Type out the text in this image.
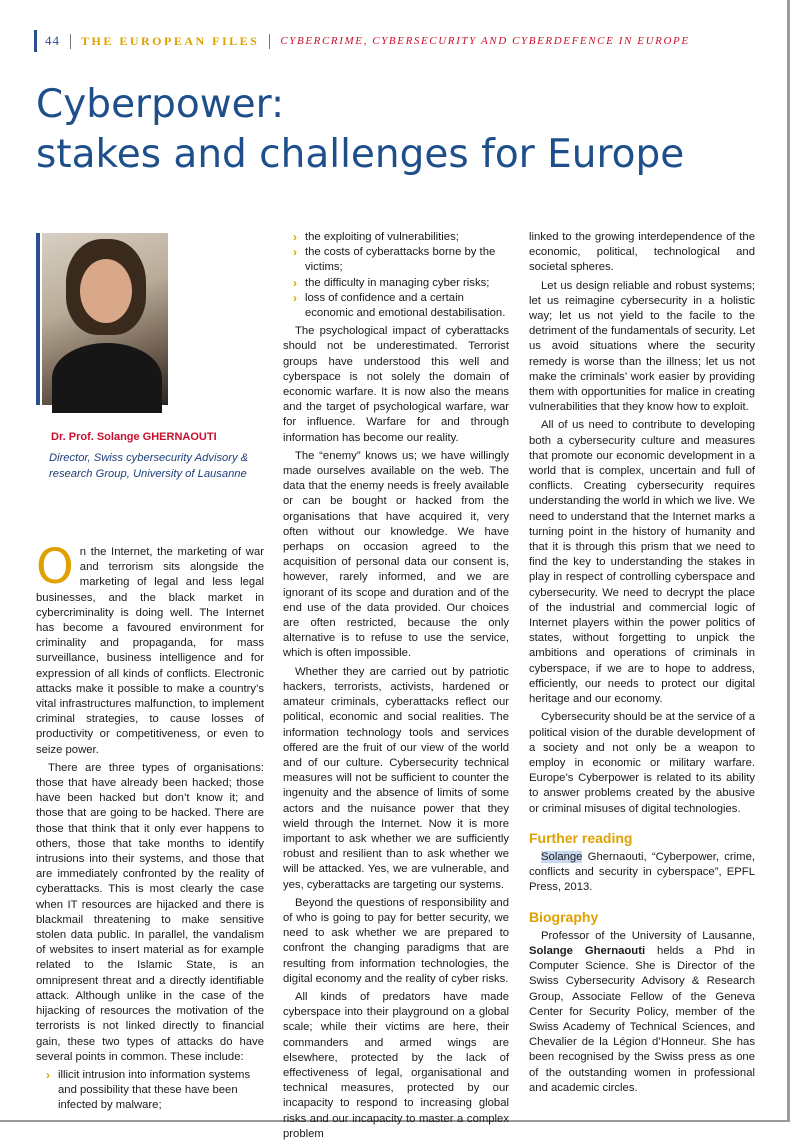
44 THE EUROPEAN FILES CYBERCRIME, CYBERSECURITY AND CYBERDEFENCE IN EUROPE
Cyberpower:
stakes and challenges for Europe
Dr. Prof. Solange GHERNAOUTI
Director, Swiss cybersecurity Advisory & research Group, University of Lausanne

On the Internet, the marketing of war and terrorism sits alongside the marketing of legal and less legal businesses, and the black market in cybercriminality is doing well. The Internet has become a favoured environment for criminality and propaganda, for mass surveillance, business intelligence and for expression of all kinds of conflicts. Electronic attacks make it possible to make a country’s vital infrastructures malfunction, to implement criminal strategies, to cause losses of productivity or competitiveness, or even to seize power.

There are three types of organisations: those that have already been hacked; those have been hacked but don’t know it; and those that are going to be hacked. There are those that think that it only ever happens to others, those that take months to identify intrusions into their systems, and those that are immediately confronted by the reality of cyberattacks. This is most clearly the case when IT resources are hijacked and there is blackmail threatening to make sensitive stolen data public. In parallel, the vandalism of websites to insert material as for example related to the Islamic State, is an omnipresent threat and a directly identifiable attack. Although unlike in the case of the hijacking of resources the motivation of the terrorists is not linked directly to financial gain, these two types of attacks do have several points in common. These include:

› illicit intrusion into information systems and possibility that these have been infected by malware;
› the exploiting of vulnerabilities;
› the costs of cyberattacks borne by the victims;
› the difficulty in managing cyber risks;
› loss of confidence and a certain economic and emotional destabilisation.

The psychological impact of cyberattacks should not be underestimated. Terrorist groups have understood this well and cyberspace is not solely the domain of economic warfare. It is now also the means and the target of psychological warfare, war for influence. Warfare for and through information has become our reality.

The “enemy” knows us; we have willingly made ourselves available on the web. The data that the enemy needs is freely available or can be bought or hacked from the organisations that have acquired it, very often without our knowledge. We have perhaps on occasion agreed to the acquisition of personal data our consent is, however, rarely informed, and we are ignorant of its scope and duration and of the end use of the data provided. Our choices are often restricted, because the only alternative is to refuse to use the service, which is often impossible.

Whether they are carried out by patriotic hackers, terrorists, activists, hardened or amateur criminals, cyberattacks reflect our political, economic and social realities. The information technology tools and services offered are the fruit of our view of the world and of our culture. Cybersecurity technical measures will not be sufficient to counter the ingenuity and the absence of limits of some actors and the nuisance power that they wield through the Internet. Now it is more important to ask whether we are sufficiently robust and resilient than to ask whether we will be attacked. Yes, we are vulnerable, and yes, cyberattacks are targeting our systems.

Beyond the questions of responsibility and of who is going to pay for better security, we need to ask whether we are prepared to confront the changing paradigms that are resulting from information technologies, the digital economy and the reality of cyber risks.

All kinds of predators have made cyberspace into their playground on a global scale; while their victims are here, their commanders and armed wings are elsewhere, protected by the lack of effectiveness of legal, organisational and technical measures, protected by our incapacity to respond to increasing global risks and our incapacity to master a complex problem

linked to the growing interdependence of the economic, political, technological and societal spheres.

Let us design reliable and robust systems; let us reimagine cybersecurity in a holistic way; let us not yield to the facile to the detriment of the fundamentals of security. Let us avoid situations where the security remedy is worse than the illness; let us not make the criminals’ work easier by providing them with opportunities for malice in creating vulnerabilities that they know how to exploit.

All of us need to contribute to developing both a cybersecurity culture and measures that promote our economic development in a world that is complex, uncertain and full of conflicts. Creating cybersecurity requires understanding the world in which we live. We need to understand that the Internet marks a turning point in the history of humanity and that it is through this prism that we need to find the key to understanding the stakes in play in respect of controlling cyberspace and cybersecurity. We need to decrypt the place of the industrial and commercial logic of Internet players within the power politics of states, without forgetting to unpick the ambitions and operations of criminals in cyberspace, if we are to hope to address, efficiently, our needs to protect our digital heritage and our economy.

Cybersecurity should be at the service of a political vision of the durable development of a society and not only be a weapon to employ in economic or military warfare. Europe’s Cyberpower is related to its ability to answer problems created by the abusive or criminal misuses of digital technologies.

Further reading

Solange Ghernaouti, “Cyberpower, crime, conflicts and security in cyberspace”, EPFL Press, 2013.

Biography

Professor of the University of Lausanne, Solange Ghernaouti helds a Phd in Computer Science. She is Director of the Swiss Cybersecurity Advisory & Research Group, Associate Fellow of the Geneva Center for Security Policy, member of the Swiss Academy of Technical Sciences, and Chevalier de la Légion d’Honneur. She has been recognised by the Swiss press as one of the outstanding women in professional and academic circles.
